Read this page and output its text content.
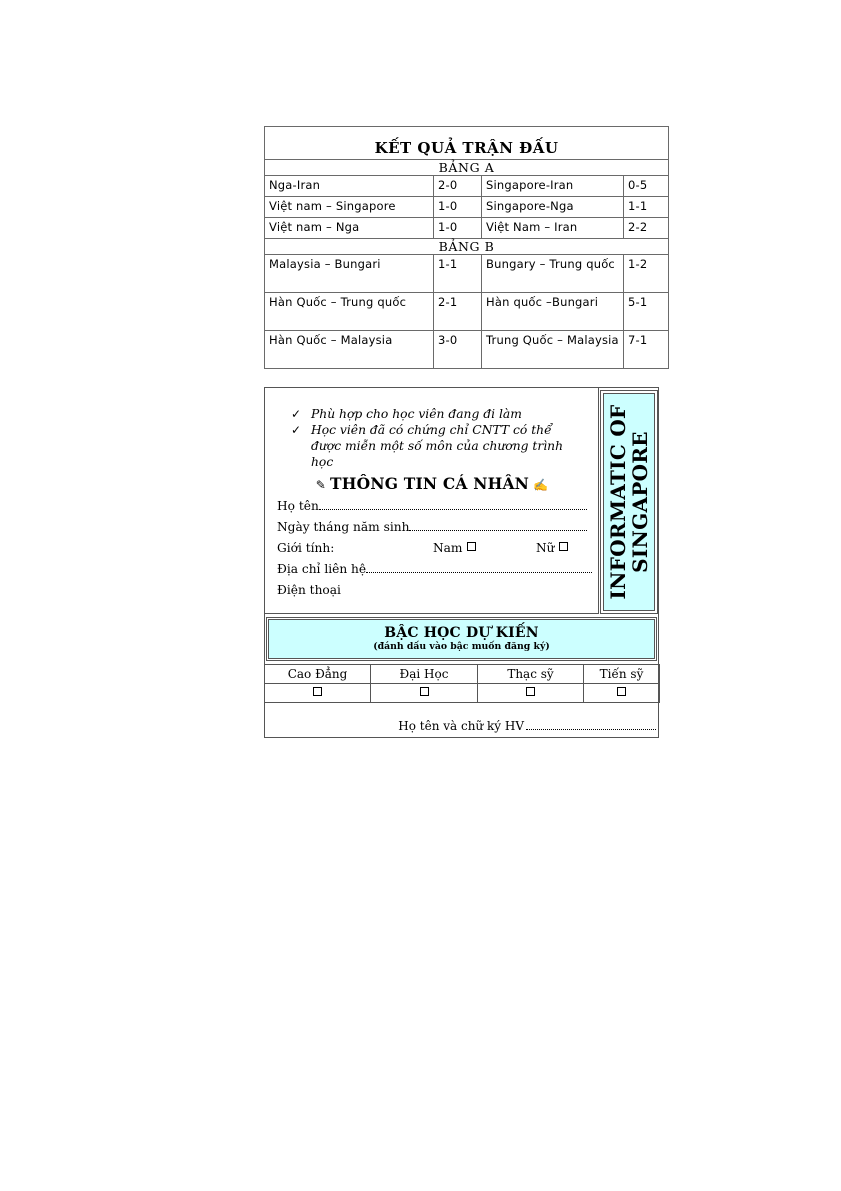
KẾT QUẢ TRẬN ĐẤU			
BẢNG A			
Nga-Iran	2-0	Singapore-Iran	0-5
Việt nam – Singapore	1-0	Singapore-Nga	1-1
Việt nam – Nga	1-0	Việt Nam – Iran	2-2
BẢNG B			
Malaysia – Bungari	1-1	Bungary – Trung quốc	1-2
Hàn Quốc – Trung quốc	2-1	Hàn quốc –Bungari	5-1
Hàn Quốc – Malaysia	3-0	Trung Quốc – Malaysia	7-1
✓ Phù hợp cho học viên đang đi làm
✓ Học viên đã có chứng chỉ CNTT có thể được miễn một số môn của chương trình học
✎ THÔNG TIN CÁ NHÂN ✍
Họ tên
Ngày tháng năm sinh
Giới tính:	Nam	Nữ
Địa chỉ liên hệ
Điện thoại	INFORMATIC OF
SINGAPORE
BẬC HỌC DỰ KIẾN
(đánh dấu vào bậc muốn đăng ký)
Cao Đẳng	Đại Học	Thạc sỹ	Tiến sỹ

Họ tên và chữ ký HV
